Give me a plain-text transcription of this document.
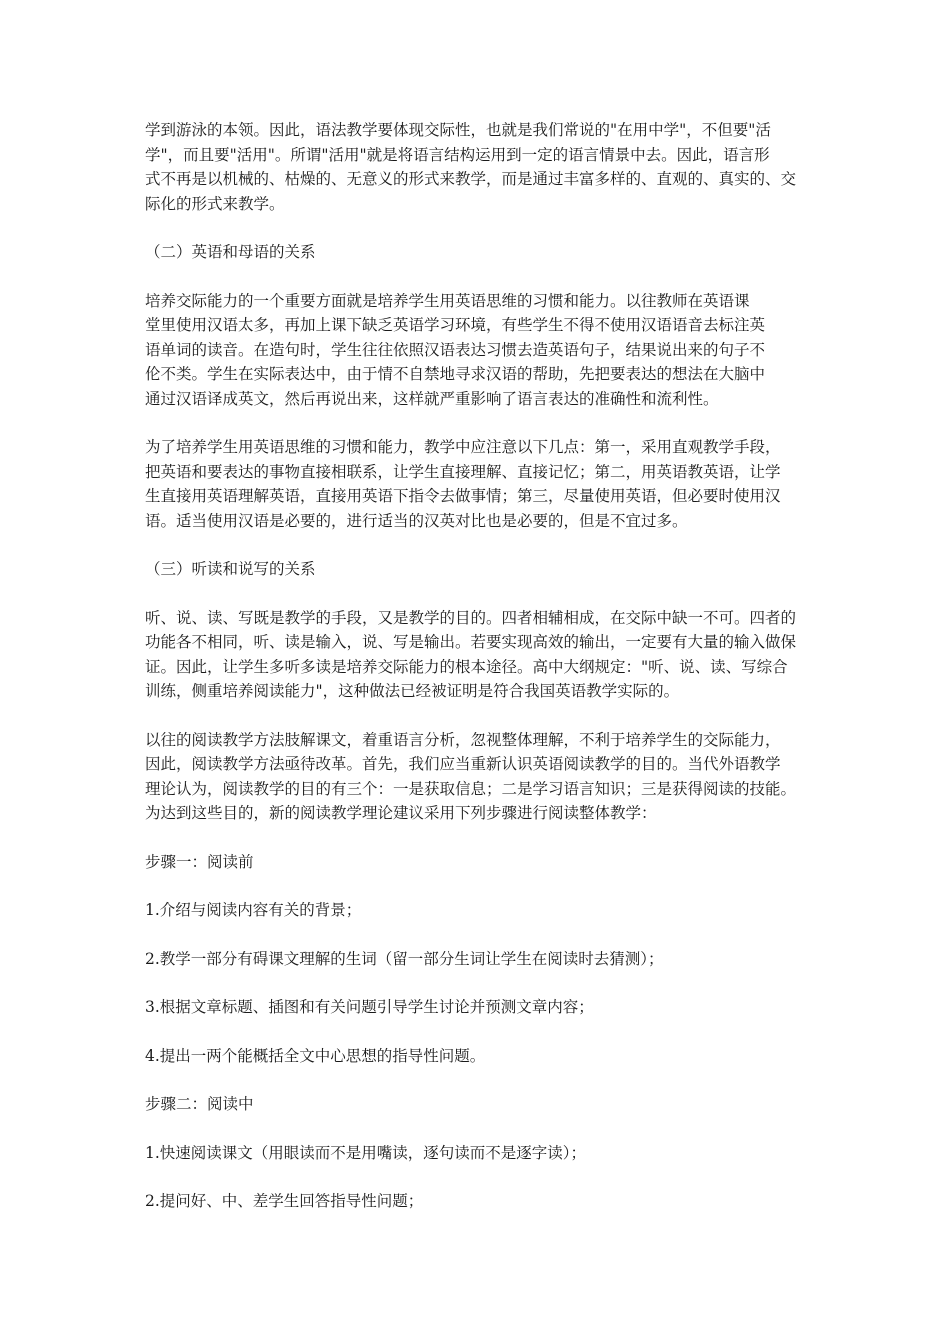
学到游泳的本领。因此，语法教学要体现交际性，也就是我们常说的"在用中学"，不但要"活
学"，而且要"活用"。所谓"活用"就是将语言结构运用到一定的语言情景中去。因此，语言形
式不再是以机械的、枯燥的、无意义的形式来教学，而是通过丰富多样的、直观的、真实的、交
际化的形式来教学。
（二）英语和母语的关系
培养交际能力的一个重要方面就是培养学生用英语思维的习惯和能力。以往教师在英语课
堂里使用汉语太多，再加上课下缺乏英语学习环境，有些学生不得不使用汉语语音去标注英
语单词的读音。在造句时，学生往往依照汉语表达习惯去造英语句子，结果说出来的句子不
伦不类。学生在实际表达中，由于情不自禁地寻求汉语的帮助，先把要表达的想法在大脑中
通过汉语译成英文，然后再说出来，这样就严重影响了语言表达的准确性和流利性。
为了培养学生用英语思维的习惯和能力，教学中应注意以下几点：第一，采用直观教学手段，
把英语和要表达的事物直接相联系，让学生直接理解、直接记忆；第二，用英语教英语，让学
生直接用英语理解英语，直接用英语下指令去做事情；第三，尽量使用英语，但必要时使用汉
语。适当使用汉语是必要的，进行适当的汉英对比也是必要的，但是不宜过多。
（三）听读和说写的关系
听、说、读、写既是教学的手段，又是教学的目的。四者相辅相成，在交际中缺一不可。四者的
功能各不相同，听、读是输入，说、写是输出。若要实现高效的输出，一定要有大量的输入做保
证。因此，让学生多听多读是培养交际能力的根本途径。高中大纲规定："听、说、读、写综合
训练，侧重培养阅读能力"，这种做法已经被证明是符合我国英语教学实际的。
以往的阅读教学方法肢解课文，着重语言分析，忽视整体理解，不利于培养学生的交际能力，
因此，阅读教学方法亟待改革。首先，我们应当重新认识英语阅读教学的目的。当代外语教学
理论认为，阅读教学的目的有三个：一是获取信息；二是学习语言知识；三是获得阅读的技能。
为达到这些目的，新的阅读教学理论建议采用下列步骤进行阅读整体教学：
步骤一：阅读前
1.介绍与阅读内容有关的背景；
2.教学一部分有碍课文理解的生词（留一部分生词让学生在阅读时去猜测）；
3.根据文章标题、插图和有关问题引导学生讨论并预测文章内容；
4.提出一两个能概括全文中心思想的指导性问题。
步骤二：阅读中
1.快速阅读课文（用眼读而不是用嘴读，逐句读而不是逐字读）；
2.提问好、中、差学生回答指导性问题；
